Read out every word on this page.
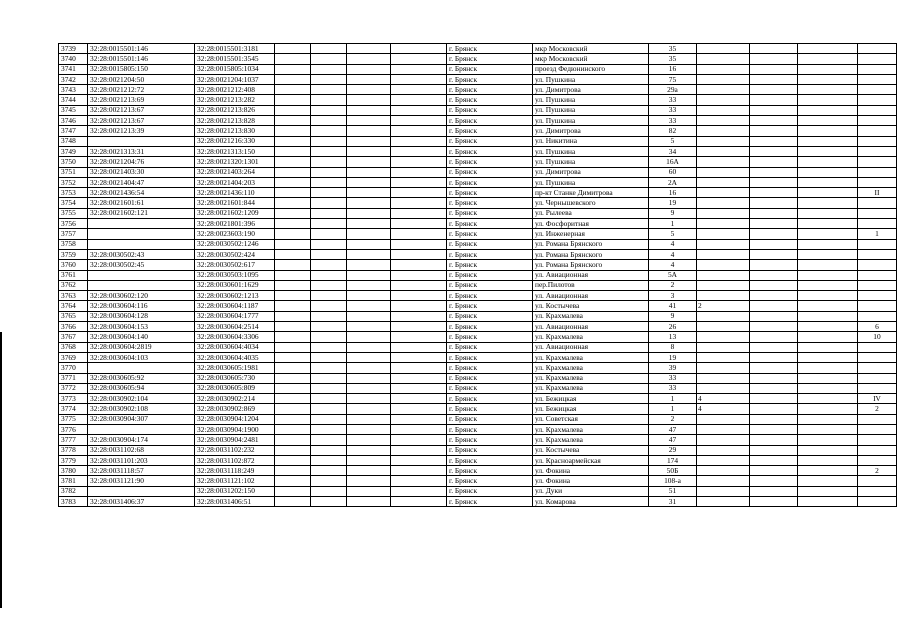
3739	32:28:0015501:146	32:28:0015501:3181					г. Брянск	мкр Московский	35				
3740	32:28:0015501:146	32:28:0015501:3545					г. Брянск	мкр Московский	35				
3741	32:28:0015805:150	32:28:0015805:1034					г. Брянск	проезд Федюнинского	16				
3742	32:28:0021204:50	32:28:0021204:1037					г. Брянск	ул. Пушкина	75				
3743	32:28:0021212:72	32:28:0021212:408					г. Брянск	ул. Димитрова	29а				
3744	32:28:0021213:69	32:28:0021213:282					г. Брянск	ул. Пушкина	33				
3745	32:28:0021213:67	32:28:0021213:826					г. Брянск	ул. Пушкина	33				
3746	32:28:0021213:67	32:28:0021213:828					г. Брянск	ул. Пушкина	33				
3747	32:28:0021213:39	32:28:0021213:830					г. Брянск	ул. Димитрова	82				
3748		32:28:0021216:330					г. Брянск	ул. Никитина	5				
3749	32:28:0021313:31	32:28:0021313:150					г. Брянск	ул. Пушкина	34				
3750	32:28:0021204:76	32:28:0021320:1301					г. Брянск	ул. Пушкина	16А				
3751	32:28:0021403:30	32:28:0021403:264					г. Брянск	ул. Димитрова	60				
3752	32:28:0021404:47	32:28:0021404:203					г. Брянск	ул. Пушкина	2А				
3753	32:28:0021436:54	32:28:0021436:110					г. Брянск	пр-кт Станке Димитрова	16				II
3754	32:28:0021601:61	32:28:0021601:844					г. Брянск	ул. Чернышевского	19				
3755	32:28:0021602:121	32:28:0021602:1209					г. Брянск	ул. Рылеева	9				
3756		32:28:0021801:396					г. Брянск	ул. Фосфоритная	1				
3757		32:28:0023603:190					г. Брянск	ул. Инженерная	5				1
3758		32:28:0030502:1246					г. Брянск	ул. Романа Брянского	4				
3759	32:28:0030502:43	32:28:0030502:424					г. Брянск	ул. Романа Брянского	4				
3760	32:28:0030502:45	32:28:0030502:617					г. Брянск	ул. Романа Брянского	4				
3761		32:28:0030503:1095					г. Брянск	ул. Авиационная	5А				
3762		32:28:0030601:1629					г. Брянск	пер.Пилотов	2				
3763	32:28:0030602:120	32:28:0030602:1213					г. Брянск	ул. Авиационная	3				
3764	32:28:0030604:116	32:28:0030604:1187					г. Брянск	ул. Костычева	41	2			
3765	32:28:0030604:128	32:28:0030604:1777					г. Брянск	ул. Крахмалева	9				
3766	32:28:0030604:153	32:28:0030604:2514					г. Брянск	ул. Авиационная	26				6
3767	32:28:0030604:140	32:28:0030604:3306					г. Брянск	ул. Крахмалева	13				10
3768	32:28:0030604:2819	32:28:0030604:4034					г. Брянск	ул. Авиационная	8				
3769	32:28:0030604:103	32:28:0030604:4035					г. Брянск	ул. Крахмалева	19				
3770		32:28:0030605:1981					г. Брянск	ул. Крахмалева	39				
3771	32:28:0030605:92	32:28:0030605:730					г. Брянск	ул. Крахмалева	33				
3772	32:28:0030605:94	32:28:0030605:809					г. Брянск	ул. Крахмалева	33				
3773	32:28:0030902:104	32:28:0030902:214					г. Брянск	ул. Бежицкая	1	4			IV
3774	32:28:0030902:108	32:28:0030902:869					г. Брянск	ул. Бежицкая	1	4			2
3775	32:28:0030904:307	32:28:0030904:1204					г. Брянск	ул. Советская	2				
3776		32:28:0030904:1900					г. Брянск	ул. Крахмалева	47				
3777	32:28:0030904:174	32:28:0030904:2481					г. Брянск	ул. Крахмалева	47				
3778	32:28:0031102:68	32:28:0031102:232					г. Брянск	ул. Костычева	29				
3779	32:28:0031101:203	32:28:0031102:872					г. Брянск	ул. Красноармейская	174				
3780	32:28:0031118:57	32:28:0031118:249					г. Брянск	ул. Фокина	50Б				2
3781	32:28:0031121:90	32:28:0031121:102					г. Брянск	ул. Фокина	108-а				
3782		32:28:0031202:150					г. Брянск	ул. Дуки	51				
3783	32:28:0031406:37	32:28:0031406:51					г. Брянск	ул. Комарова	31				
